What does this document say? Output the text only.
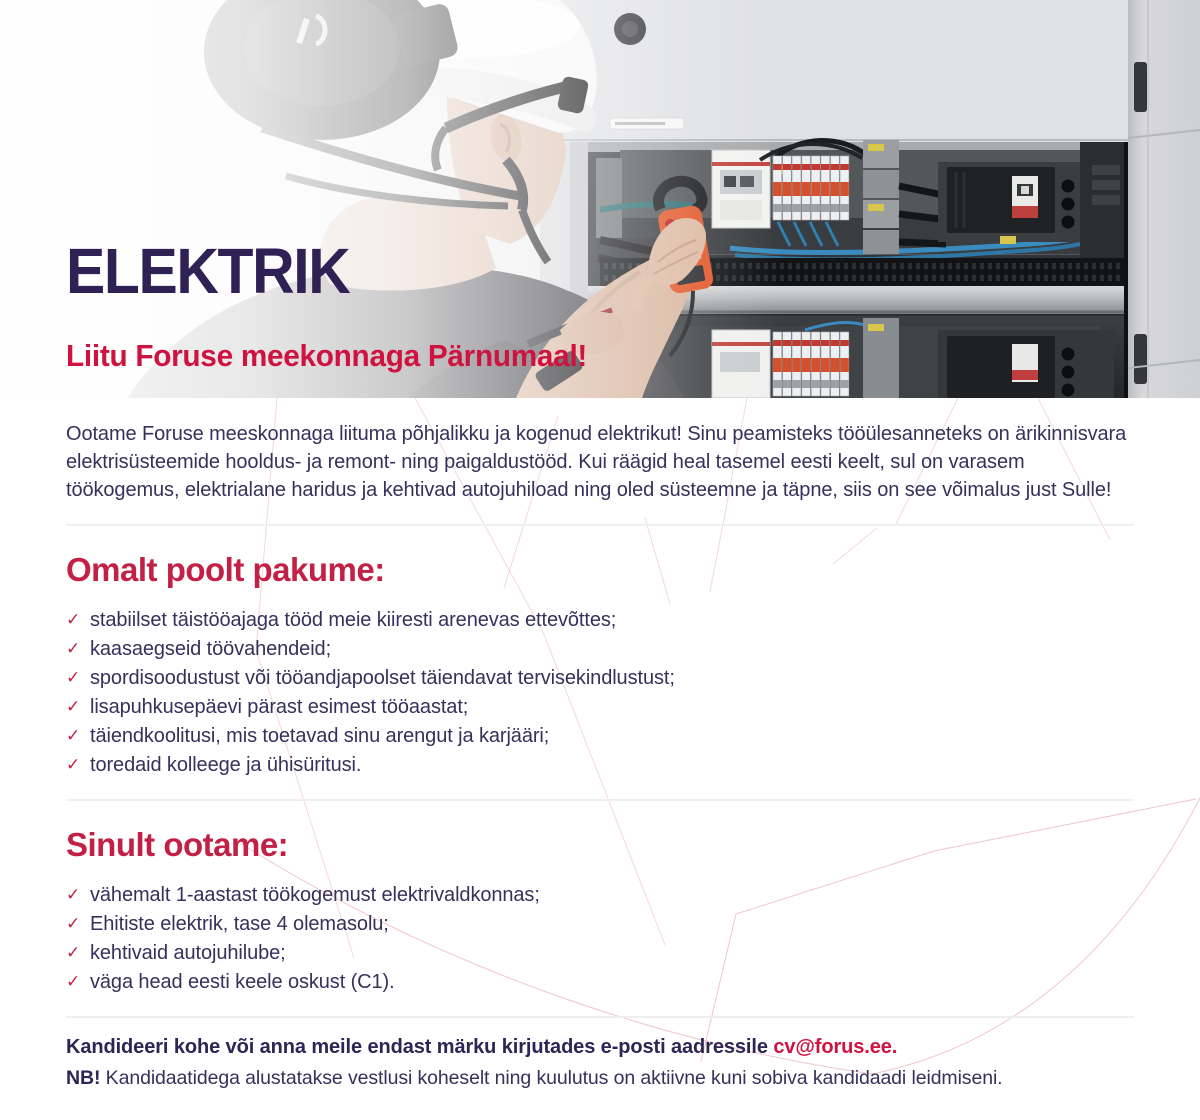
ELEKTRIK
Liitu Foruse meekonnaga Pärnumaal!

Ootame Foruse meeskonnaga liituma põhjalikku ja kogenud elektrikut! Sinu peamisteks tööülesanneteks on ärikinnisvara elektrisüsteemide hooldus- ja remont- ning paigaldustööd. Kui räägid heal tasemel eesti keelt, sul on varasem töökogemus, elektrialane haridus ja kehtivad autojuhiload ning oled süsteemne ja täpne, siis on see võimalus just Sulle!

Omalt poolt pakume:
✓ stabiilset täistööajaga tööd meie kiiresti arenevas ettevõttes;
✓ kaasaegseid töövahendeid;
✓ spordisoodustust või tööandjapoolset täiendavat tervisekindlustust;
✓ lisapuhkusepäevi pärast esimest tööaastat;
✓ täiendkoolitusi, mis toetavad sinu arengut ja karjääri;
✓ toredaid kolleege ja ühisüritusi.
Sinult ootame:
✓ vähemalt 1-aastast töökogemust elektrivaldkonnas;
✓ Ehitiste elektrik, tase 4 olemasolu;
✓ kehtivaid autojuhilube;
✓ väga head eesti keele oskust (C1).

Kandideeri kohe või anna meile endast märku kirjutades e-posti aadressile cv@forus.ee.

NB! Kandidaatidega alustatakse vestlusi koheselt ning kuulutus on aktiivne kuni sobiva kandidaadi leidmiseni.
